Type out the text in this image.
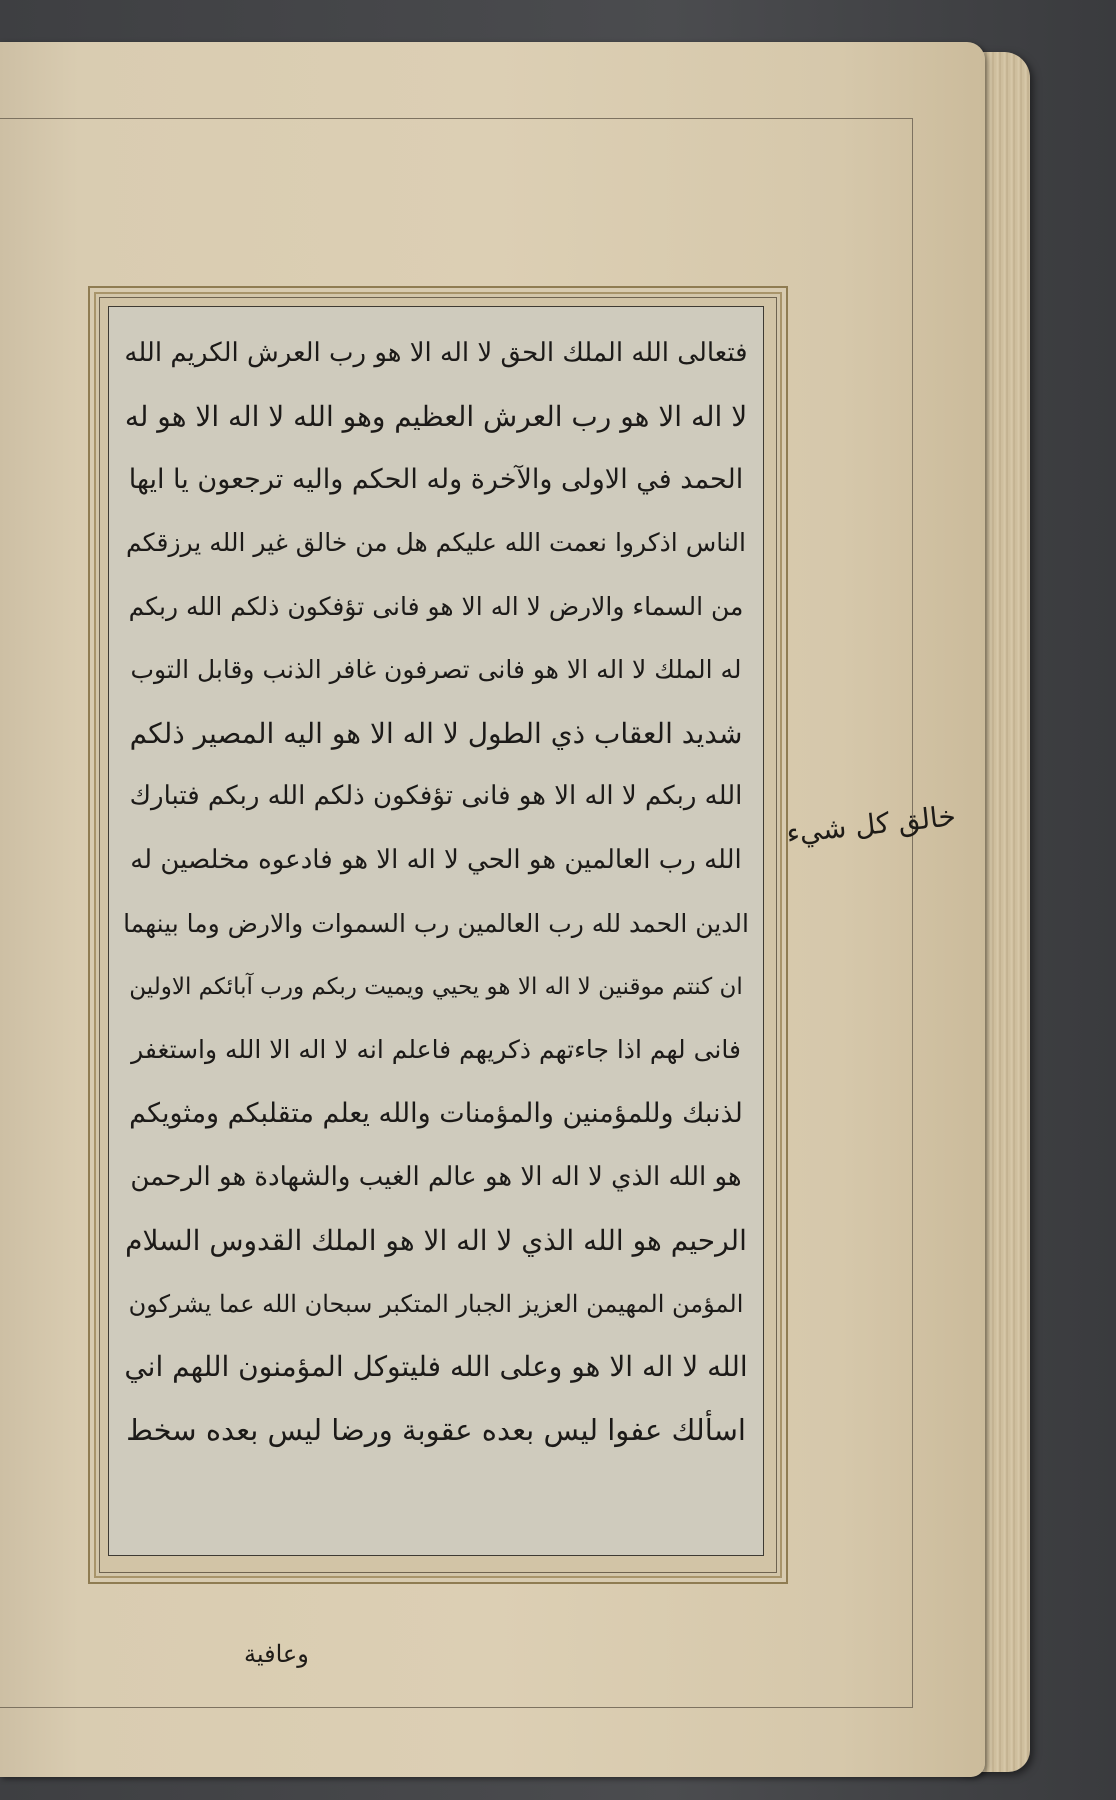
فتعالى الله الملك الحق لا اله الا هو رب العرش الكريم الله
لا اله الا هو رب العرش العظيم وهو الله لا اله الا هو له
الحمد في الاولى والآخرة وله الحكم واليه ترجعون يا ايها
الناس اذكروا نعمت الله عليكم هل من خالق غير الله يرزقكم
من السماء والارض لا اله الا هو فانى تؤفكون ذلكم الله ربكم
له الملك لا اله الا هو فانى تصرفون غافر الذنب وقابل التوب
شديد العقاب ذي الطول لا اله الا هو اليه المصير ذلكم
الله ربكم لا اله الا هو فانى تؤفكون ذلكم الله ربكم فتبارك
الله رب العالمين هو الحي لا اله الا هو فادعوه مخلصين له
الدين الحمد لله رب العالمين رب السموات والارض وما بينهما
ان كنتم موقنين لا اله الا هو يحيي ويميت ربكم ورب آبائكم الاولين
فانى لهم اذا جاءتهم ذكريهم فاعلم انه لا اله الا الله واستغفر
لذنبك وللمؤمنين والمؤمنات والله يعلم متقلبكم ومثويكم
هو الله الذي لا اله الا هو عالم الغيب والشهادة هو الرحمن
الرحيم هو الله الذي لا اله الا هو الملك القدوس السلام
المؤمن المهيمن العزيز الجبار المتكبر سبحان الله عما يشركون
الله لا اله الا هو وعلى الله فليتوكل المؤمنون اللهم اني
اسألك عفوا ليس بعده عقوبة ورضا ليس بعده سخط
خالق كل شيء
وعافية
